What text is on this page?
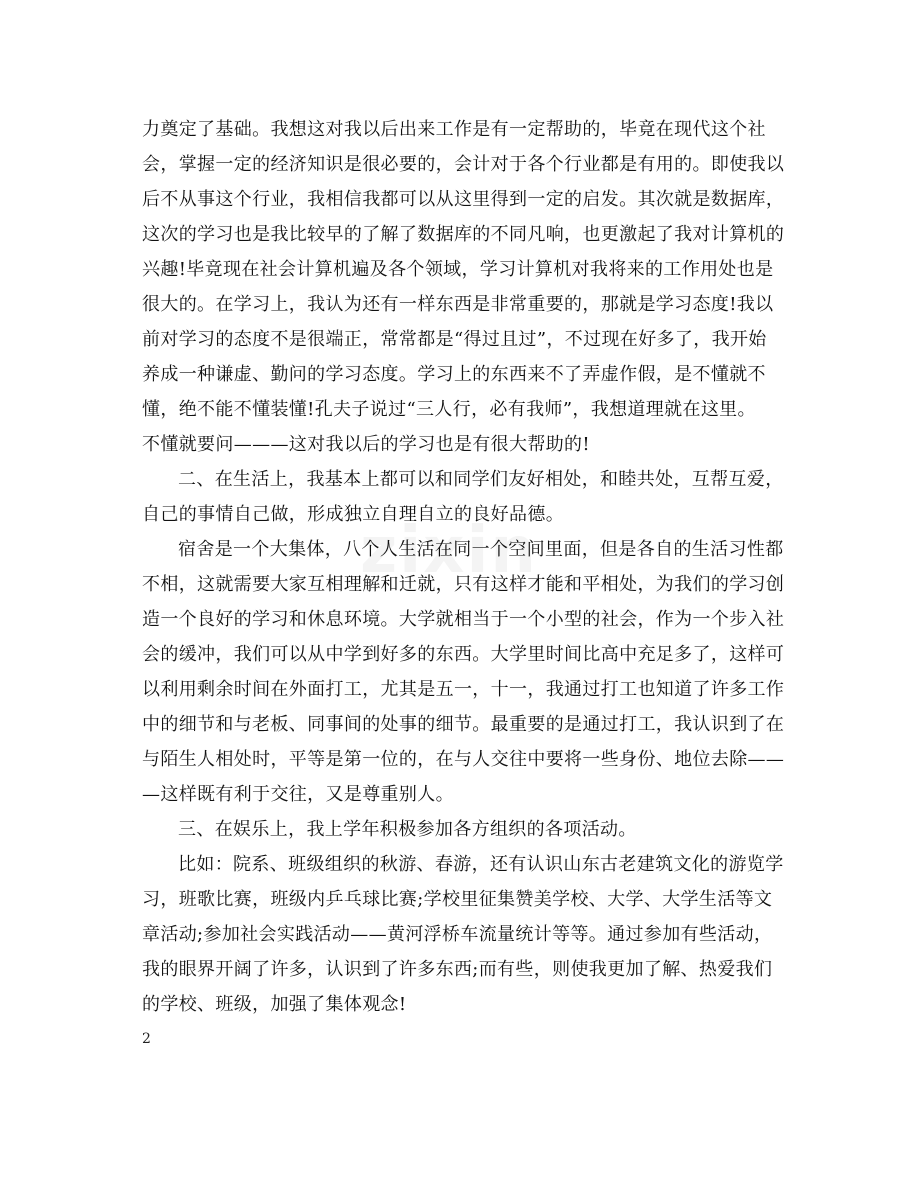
zixin
力奠定了基础。我想这对我以后出来工作是有一定帮助的，毕竟在现代这个社
会，掌握一定的经济知识是很必要的，会计对于各个行业都是有用的。即使我以
后不从事这个行业，我相信我都可以从这里得到一定的启发。其次就是数据库，
这次的学习也是我比较早的了解了数据库的不同凡响，也更激起了我对计算机的
兴趣!毕竟现在社会计算机遍及各个领域，学习计算机对我将来的工作用处也是
很大的。在学习上，我认为还有一样东西是非常重要的，那就是学习态度!我以
前对学习的态度不是很端正，常常都是“得过且过”，不过现在好多了，我开始
养成一种谦虚、勤问的学习态度。学习上的东西来不了弄虚作假，是不懂就不
懂，绝不能不懂装懂!孔夫子说过“三人行，必有我师”，我想道理就在这里。
不懂就要问———这对我以后的学习也是有很大帮助的!
二、在生活上，我基本上都可以和同学们友好相处，和睦共处，互帮互爱，
自己的事情自己做，形成独立自理自立的良好品德。
宿舍是一个大集体，八个人生活在同一个空间里面，但是各自的生活习性都
不相，这就需要大家互相理解和迁就，只有这样才能和平相处，为我们的学习创
造一个良好的学习和休息环境。大学就相当于一个小型的社会，作为一个步入社
会的缓冲，我们可以从中学到好多的东西。大学里时间比高中充足多了，这样可
以利用剩余时间在外面打工，尤其是五一，十一，我通过打工也知道了许多工作
中的细节和与老板、同事间的处事的细节。最重要的是通过打工，我认识到了在
与陌生人相处时，平等是第一位的，在与人交往中要将一些身份、地位去除——
—这样既有利于交往，又是尊重别人。
三、在娱乐上，我上学年积极参加各方组织的各项活动。
比如：院系、班级组织的秋游、春游，还有认识山东古老建筑文化的游览学
习，班歌比赛，班级内乒乓球比赛;学校里征集赞美学校、大学、大学生活等文
章活动;参加社会实践活动——黄河浮桥车流量统计等等。通过参加有些活动，
我的眼界开阔了许多，认识到了许多东西;而有些，则使我更加了解、热爱我们
的学校、班级，加强了集体观念!
2
